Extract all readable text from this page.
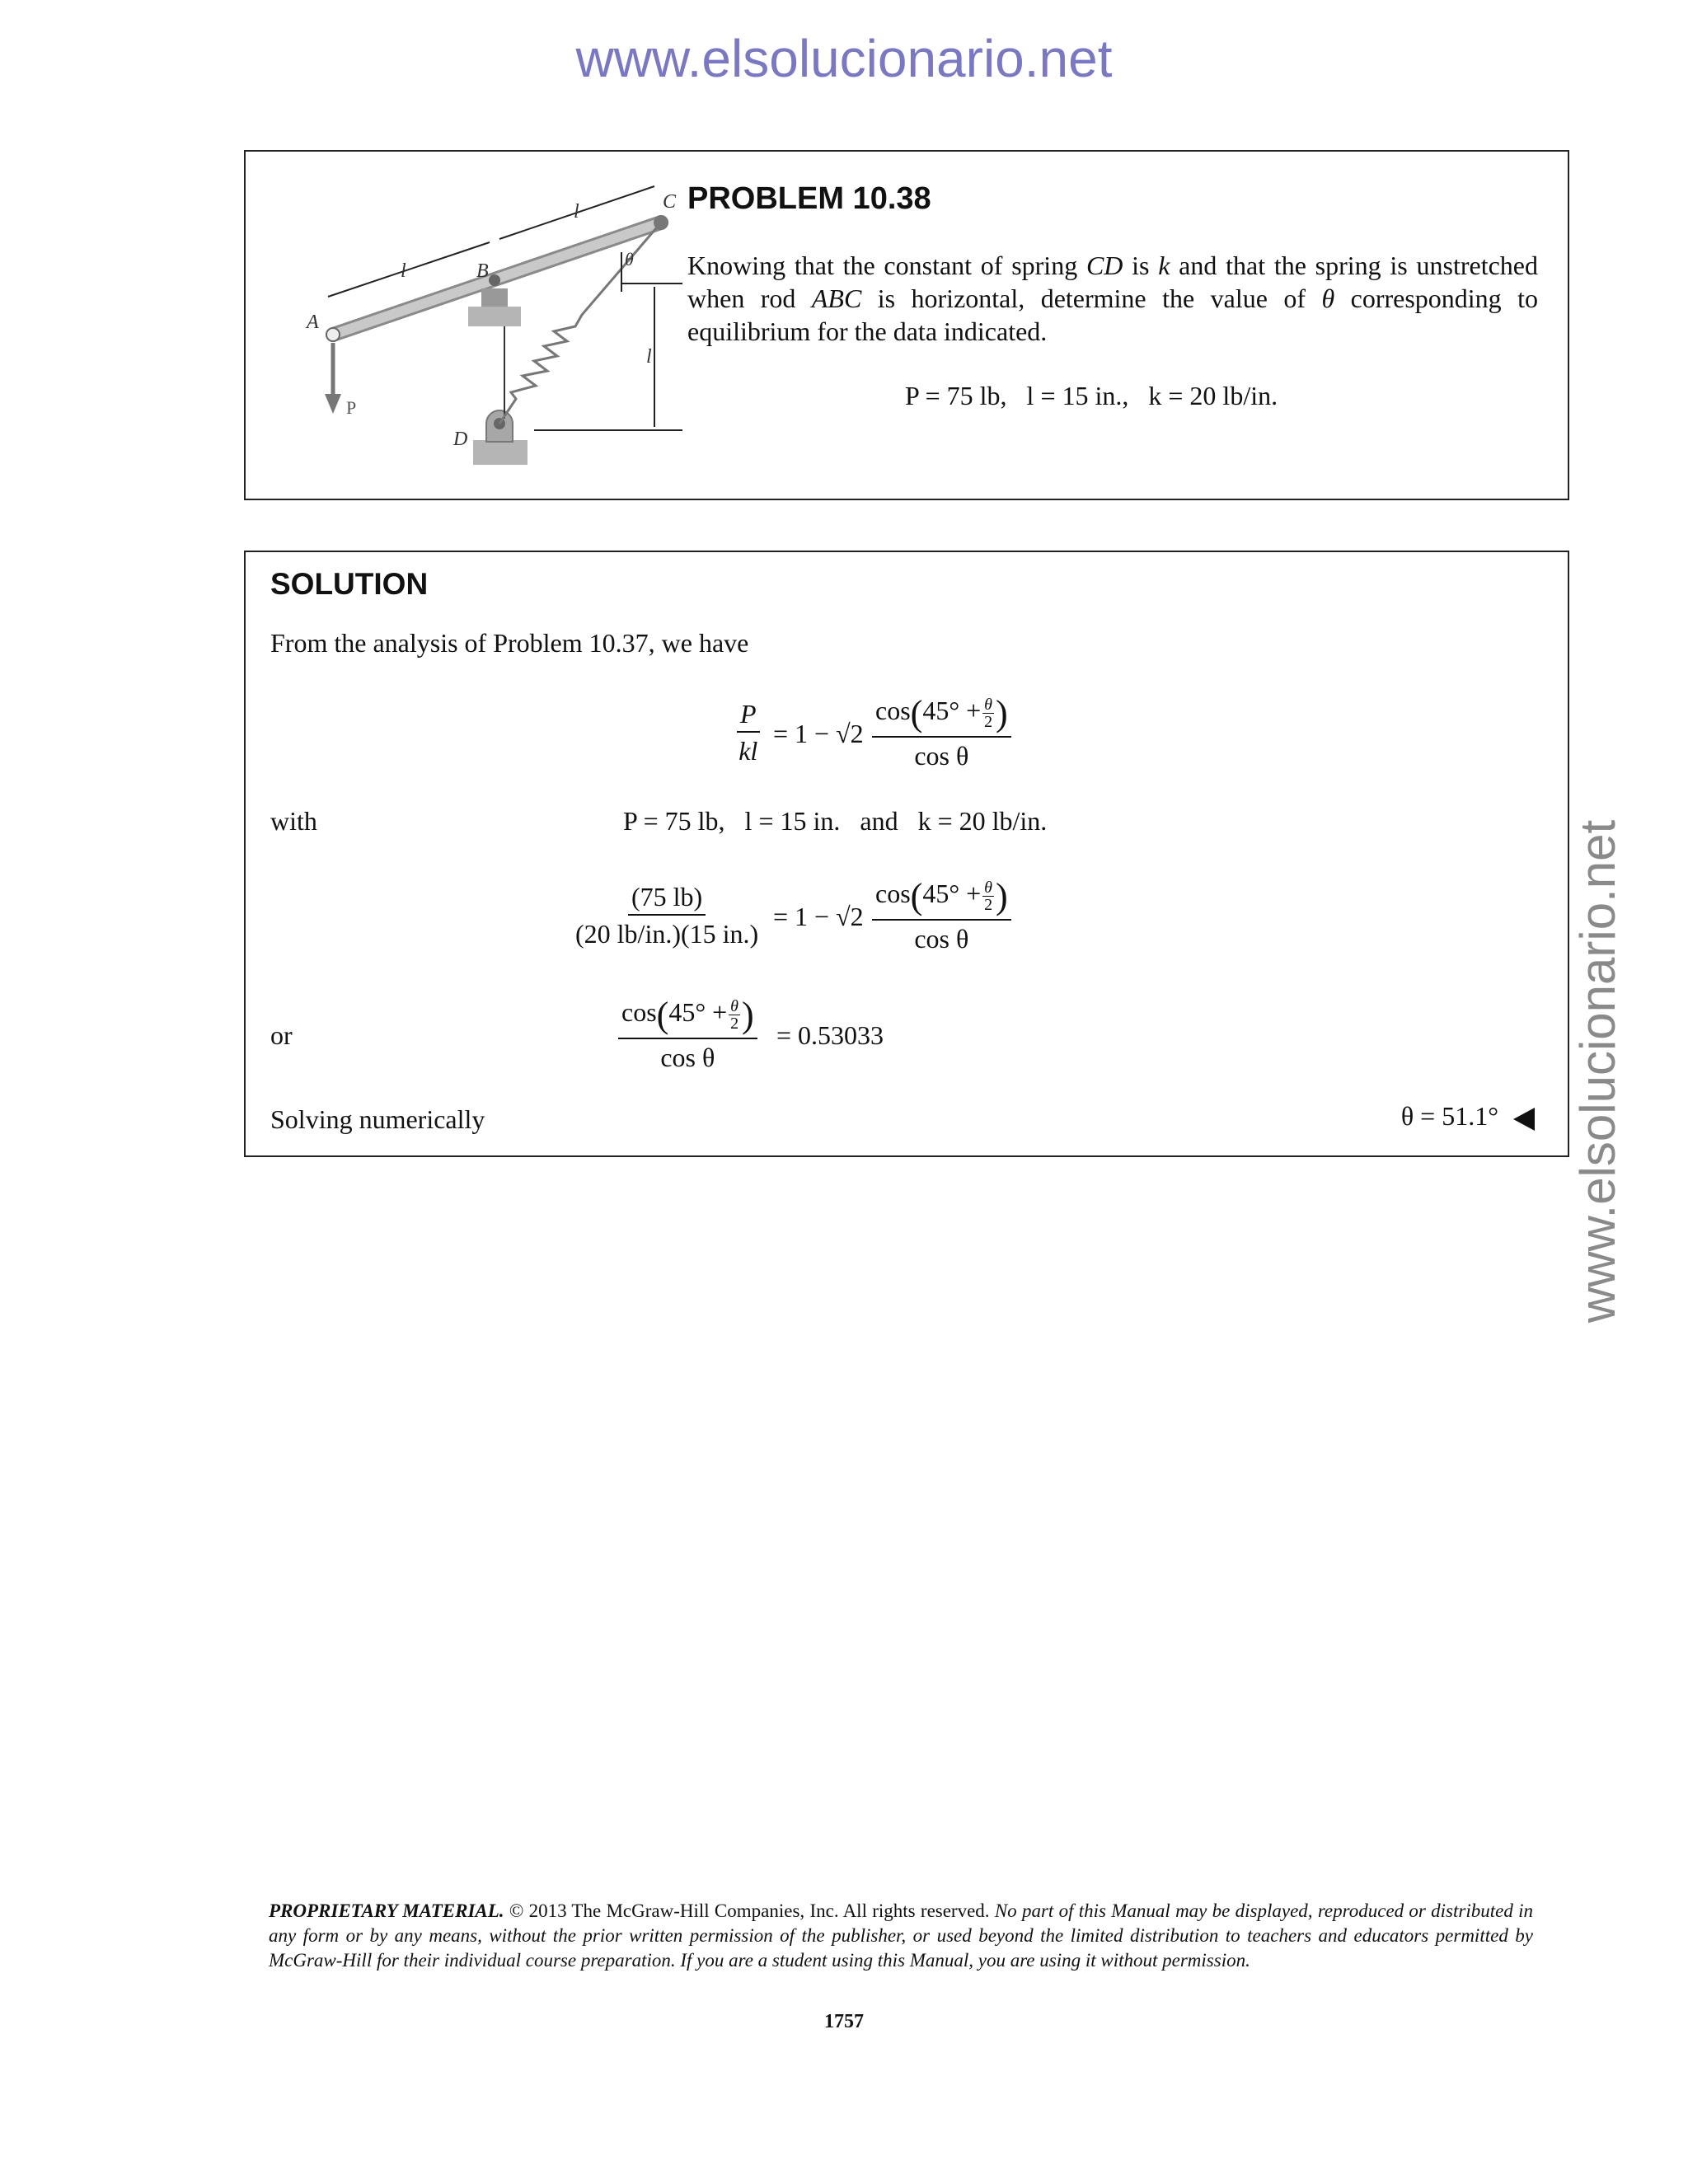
www.elsolucionario.net
www.elsolucionario.net
A
B
C
D
P
l
l
l
θ
PROBLEM 10.38
Knowing that the constant of spring CD is k and that the spring is unstretched when rod ABC is horizontal, determine the value of θ corresponding to equilibrium for the data indicated.
P = 75 lb,   l = 15 in.,   k = 20 lb/in.
SOLUTION
From the analysis of Problem 10.37, we have
$\frac{P}{kl} = 1 - √2 \frac{\cos(45^\circ + \frac{\theta}{2} )}{\text{cos θ}}$
with	P = 75 lb,   l = 15 in.   and   k = 20 lb/in.
$\frac{(75 lb)}{(20 lb/in.)(15 in.)} = 1 - √2 \frac{\cos(45^\circ + \frac{\theta}{2} )}{\text{cos θ}}$
or	$\frac{\cos(45^\circ + \frac{\theta}{2} )}{\text{cos θ}} = 0.53033$
Solving numerically	θ = 51.1°
PROPRIETARY MATERIAL. © 2013 The McGraw-Hill Companies, Inc. All rights reserved. No part of this Manual may be displayed, reproduced or distributed in any form or by any means, without the prior written permission of the publisher, or used beyond the limited distribution to teachers and educators permitted by McGraw-Hill for their individual course preparation. If you are a student using this Manual, you are using it without permission.
1757
